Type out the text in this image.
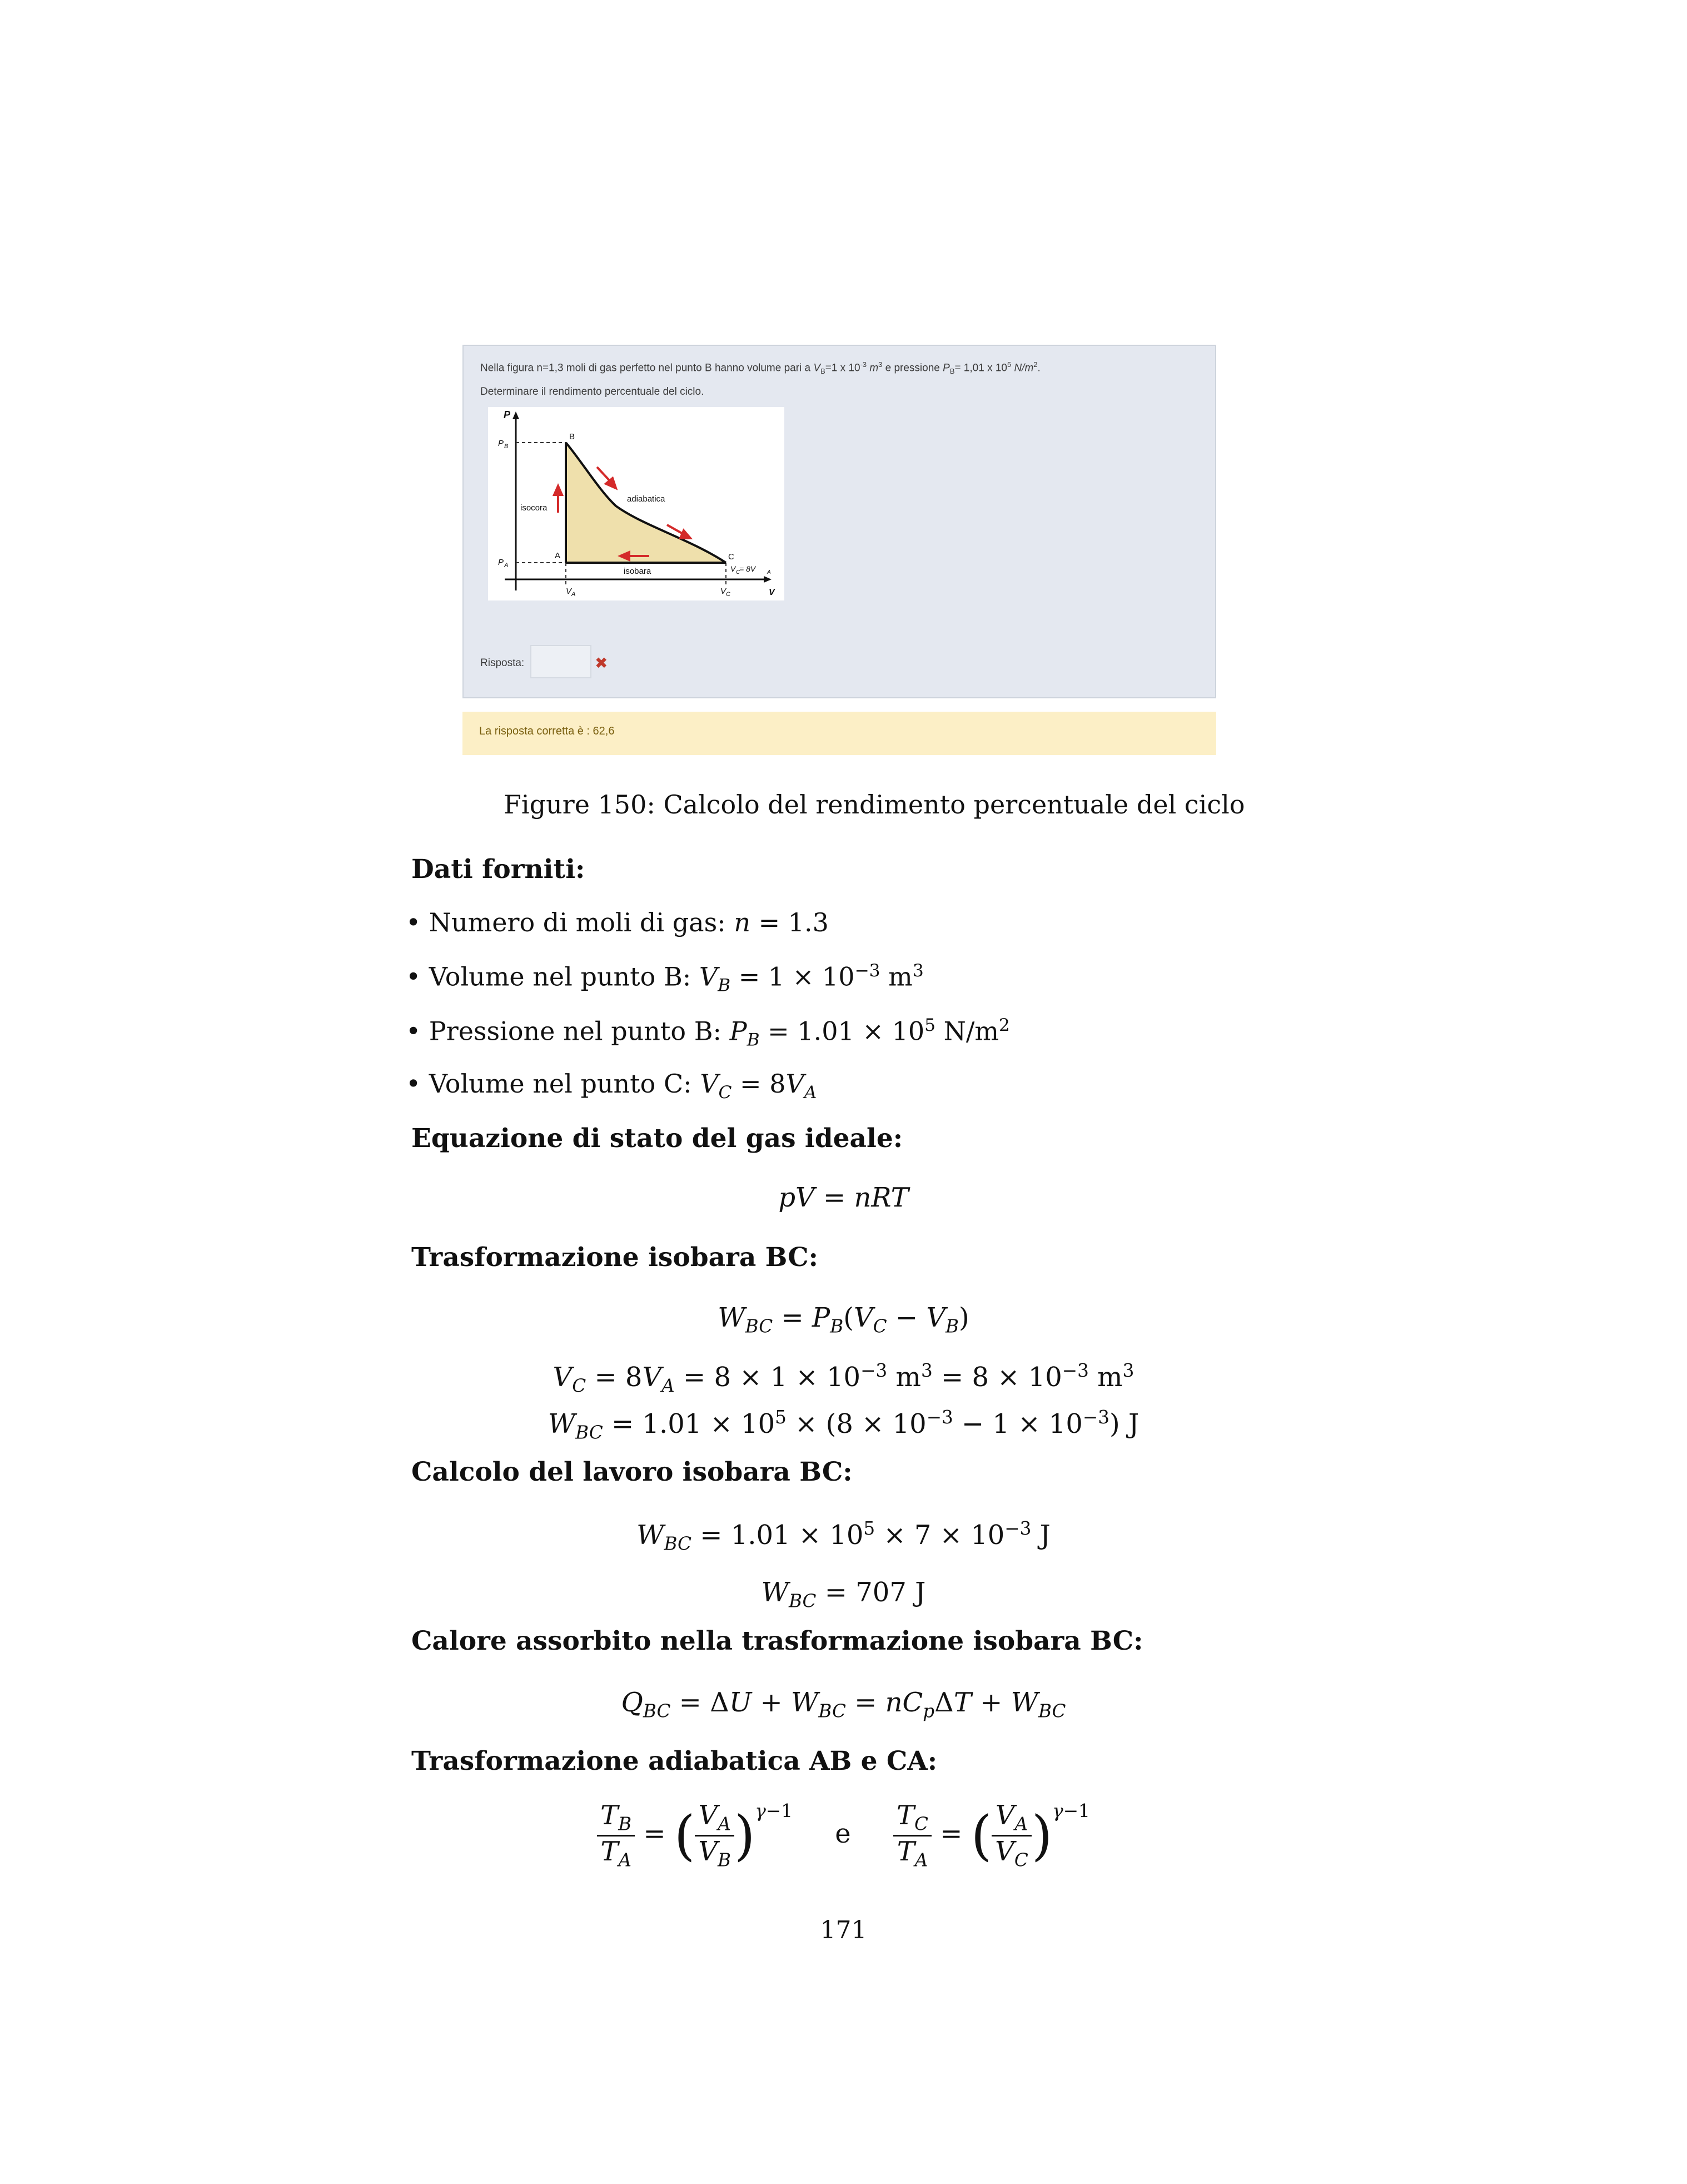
Nella figura n=1,3 moli di gas perfetto nel punto B hanno volume pari a $V_B=1$ x $10^{-3}$ $m^3$ e pressione $P_B= 1,01$ x $10^5$ $N/m^2$.
Determinare il rendimento percentuale del ciclo.
P
V
P B
P A
V A	V C
B
A	C
adiabatica
isocora
isobara	V C
= 8V A
Risposta:	✖
La risposta corretta è : 62,6
Figure 150: Calcolo del rendimento percentuale del ciclo
Dati forniti:
• Numero di moli di gas: n = 1.3
• Volume nel punto B: $V_B = 1 \times 10^{-3}$ $m^3$
• Pressione nel punto B: $P_B = 1.01 \times 10^5$ $N/m^2$
• Volume nel punto C: $V_C = 8V_A$
Equazione di stato del gas ideale:
pV = nRT
Trasformazione isobara BC:
$W_{BC} = P_B(V_C - V_B)$
$V_C = 8V_A = 8 \times 1 \times 10^{-3}$ $m^3 = 8 \times 10^{-3}$ $m^3$
$W_{BC} = 1.01 \times 10^5 \times (8 \times 10^{-3} - 1 \times 10^{-3})$ J
Calcolo del lavoro isobara BC:
$W_{BC} = 1.01 \times 10^5 \times 7 \times 10^{-3}$ J
$W_{BC} = 707$ J
Calore assorbito nella trasformazione isobara BC:
$Q_{BC} = \Delta U + W_{BC} = nC_p\Delta T + W_{BC}$
Trasformazione adiabatica AB e CA:
$\frac{T_B}{T_A}$ = ( $\frac{V_A}{V_B} )^{\gamma-1}$     e $\frac{T_C}{T_A}$ = ( $\frac{V_A}{V_C} )^{\gamma-1}$
171
